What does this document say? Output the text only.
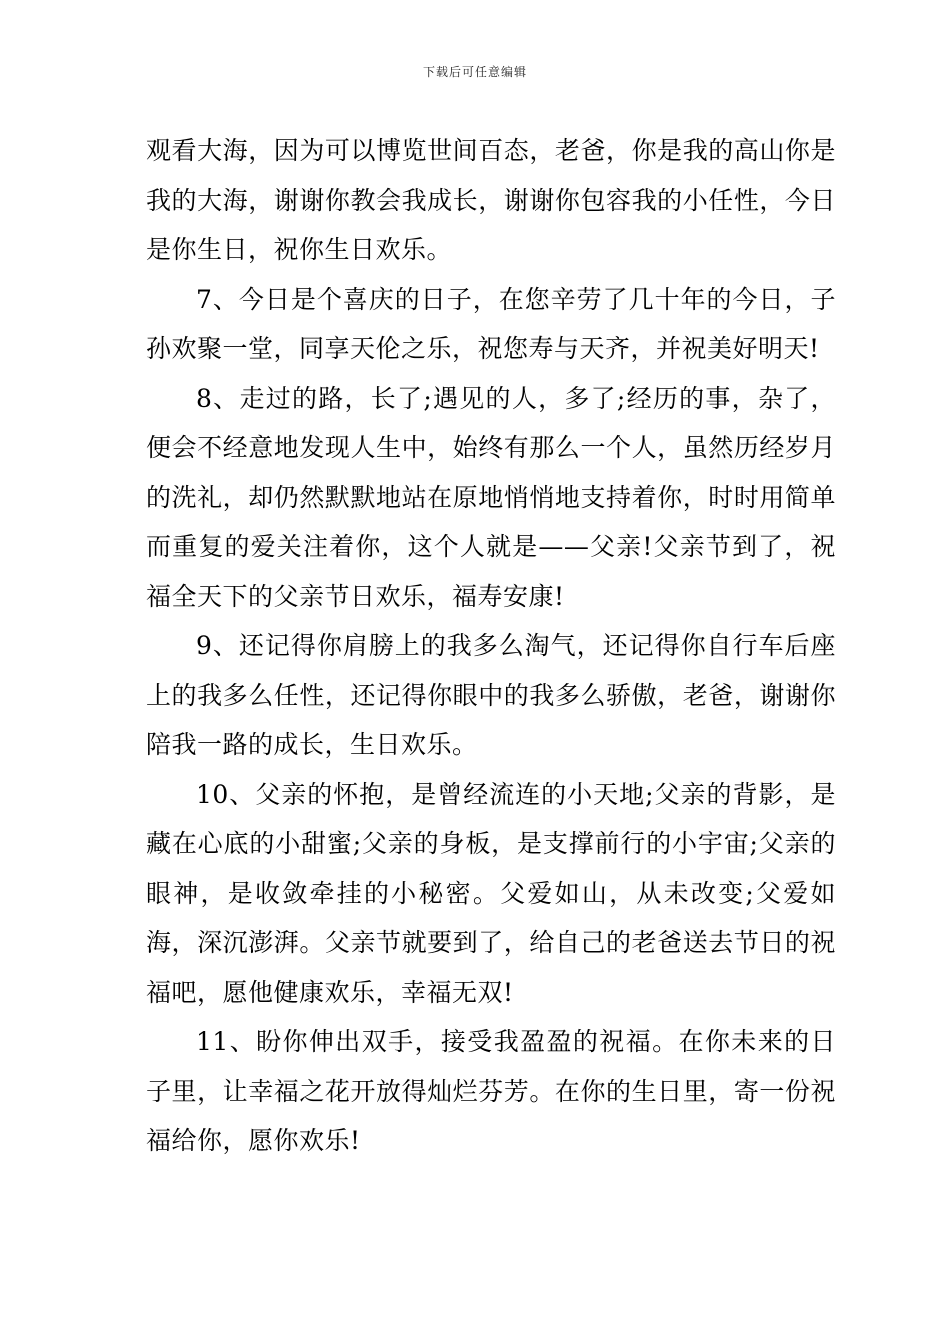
下载后可任意编辑

观看大海，因为可以博览世间百态，老爸，你是我的高山你是我的大海，谢谢你教会我成长，谢谢你包容我的小任性，今日是你生日，祝你生日欢乐。

7、今日是个喜庆的日子，在您辛劳了几十年的今日，子孙欢聚一堂，同享天伦之乐，祝您寿与天齐，并祝美好明天!

8、走过的路，长了;遇见的人，多了;经历的事，杂了，便会不经意地发现人生中，始终有那么一个人，虽然历经岁月的洗礼，却仍然默默地站在原地悄悄地支持着你，时时用简单而重复的爱关注着你，这个人就是——父亲!父亲节到了，祝福全天下的父亲节日欢乐，福寿安康!

9、还记得你肩膀上的我多么淘气，还记得你自行车后座上的我多么任性，还记得你眼中的我多么骄傲，老爸，谢谢你陪我一路的成长，生日欢乐。

10、父亲的怀抱，是曾经流连的小天地;父亲的背影，是藏在心底的小甜蜜;父亲的身板，是支撑前行的小宇宙;父亲的眼神，是收敛牵挂的小秘密。父爱如山，从未改变;父爱如海，深沉澎湃。父亲节就要到了，给自己的老爸送去节日的祝福吧，愿他健康欢乐，幸福无双!

11、盼你伸出双手，接受我盈盈的祝福。在你未来的日子里，让幸福之花开放得灿烂芬芳。在你的生日里，寄一份祝福给你，愿你欢乐!
